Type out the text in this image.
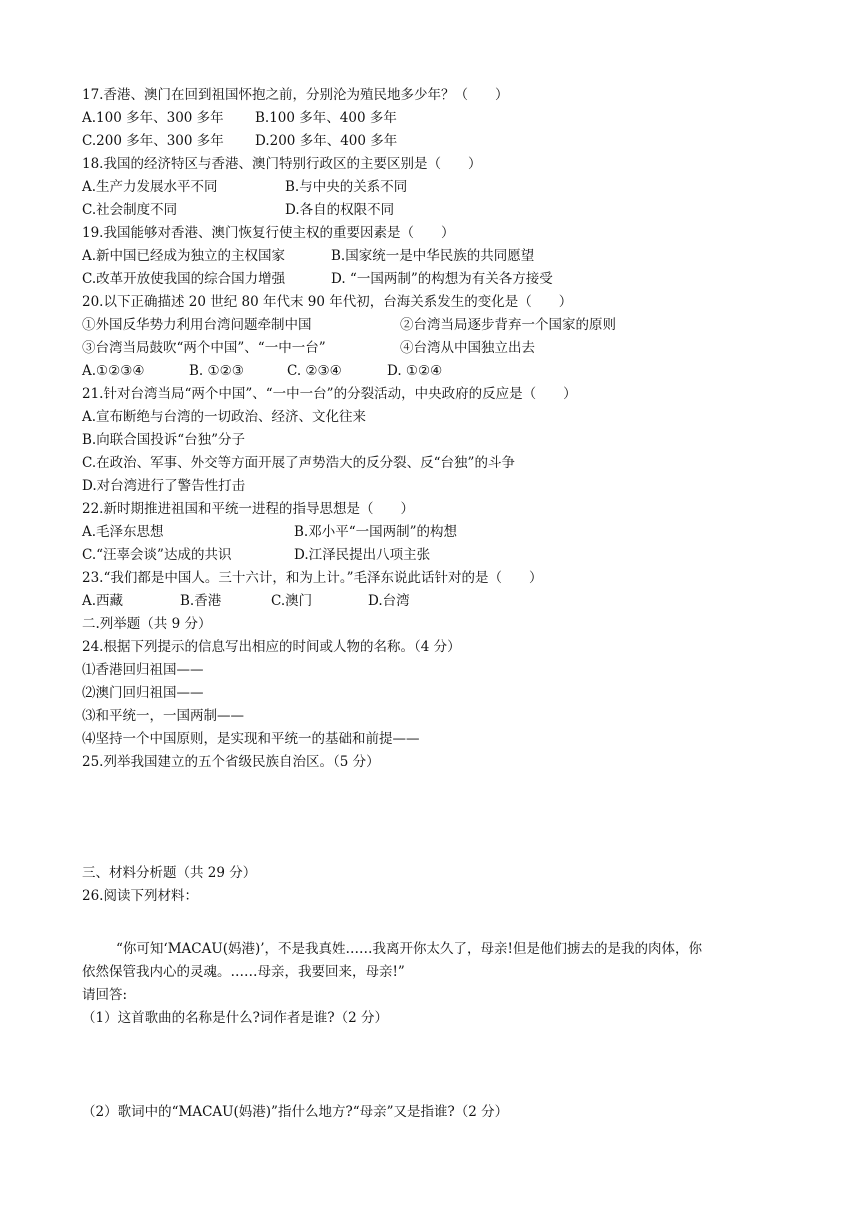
17.香港、澳门在回到祖国怀抱之前，分别沦为殖民地多少年？（　　）
A.100 多年、300 多年 B.100 多年、400 多年
C.200 多年、300 多年 D.200 多年、400 多年
18.我国的经济特区与香港、澳门特别行政区的主要区别是（　　）
A.生产力发展水平不同	B.与中央的关系不同
C.社会制度不同	D.各自的权限不同
19.我国能够对香港、澳门恢复行使主权的重要因素是（　　）
A.新中国已经成为独立的主权国家	B.国家统一是中华民族的共同愿望
C.改革开放使我国的综合国力增强	D. “一国两制”的构想为有关各方接受
20.以下正确描述 20 世纪 80 年代末 90 年代初，台海关系发生的变化是（　　）
①外国反华势力利用台湾问题牵制中国	②台湾当局逐步背弃一个国家的原则
③台湾当局鼓吹“两个中国”、“一中一台”	④台湾从中国独立出去
A.①②③④	B. ①②③	C. ②③④	D. ①②④
21.针对台湾当局“两个中国”、“一中一台”的分裂活动，中央政府的反应是（　　）
A.宣布断绝与台湾的一切政治、经济、文化往来
B.向联合国投诉“台独”分子
C.在政治、军事、外交等方面开展了声势浩大的反分裂、反“台独”的斗争
D.对台湾进行了警告性打击
22.新时期推进祖国和平统一进程的指导思想是（　　）
A.毛泽东思想	B.邓小平“一国两制”的构想
C.“汪辜会谈”达成的共识	D.江泽民提出八项主张
23.“我们都是中国人。三十六计，和为上计。”毛泽东说此话针对的是（　　）
A.西藏	B.香港	C.澳门	D.台湾
二.列举题（共 9 分）
24.根据下列提示的信息写出相应的时间或人物的名称。（4 分）
⑴香港回归祖国——
⑵澳门回归祖国——
⑶和平统一，一国两制——
⑷坚持一个中国原则，是实现和平统一的基础和前提——
25.列举我国建立的五个省级民族自治区。（5 分）
三、材料分析题（共 29 分）
26.阅读下列材料：
“你可知‘MACAU(妈港)’，不是我真姓……我离开你太久了，母亲!但是他们掳去的是我的肉体，你
依然保管我内心的灵魂。……母亲，我要回来，母亲!”
请回答:
（1）这首歌曲的名称是什么?词作者是谁?（2 分）
（2）歌词中的“MACAU(妈港)”指什么地方?“母亲”又是指谁?（2 分）
